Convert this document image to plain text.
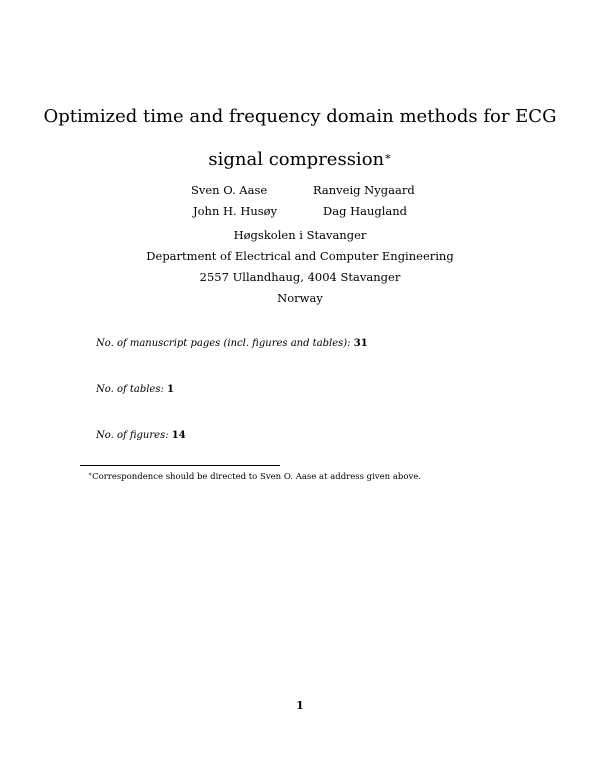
Optimized time and frequency domain methods for ECG
signal compression∗
Sven O. Aase	Ranveig Nygaard
John H. Husøy	Dag Haugland
Høgskolen i Stavanger
Department of Electrical and Computer Engineering
2557 Ullandhaug, 4004 Stavanger
Norway
No. of manuscript pages (incl. figures and tables): 31
No. of tables: 1
No. of figures: 14
∗Correspondence should be directed to Sven O. Aase at address given above.
1
